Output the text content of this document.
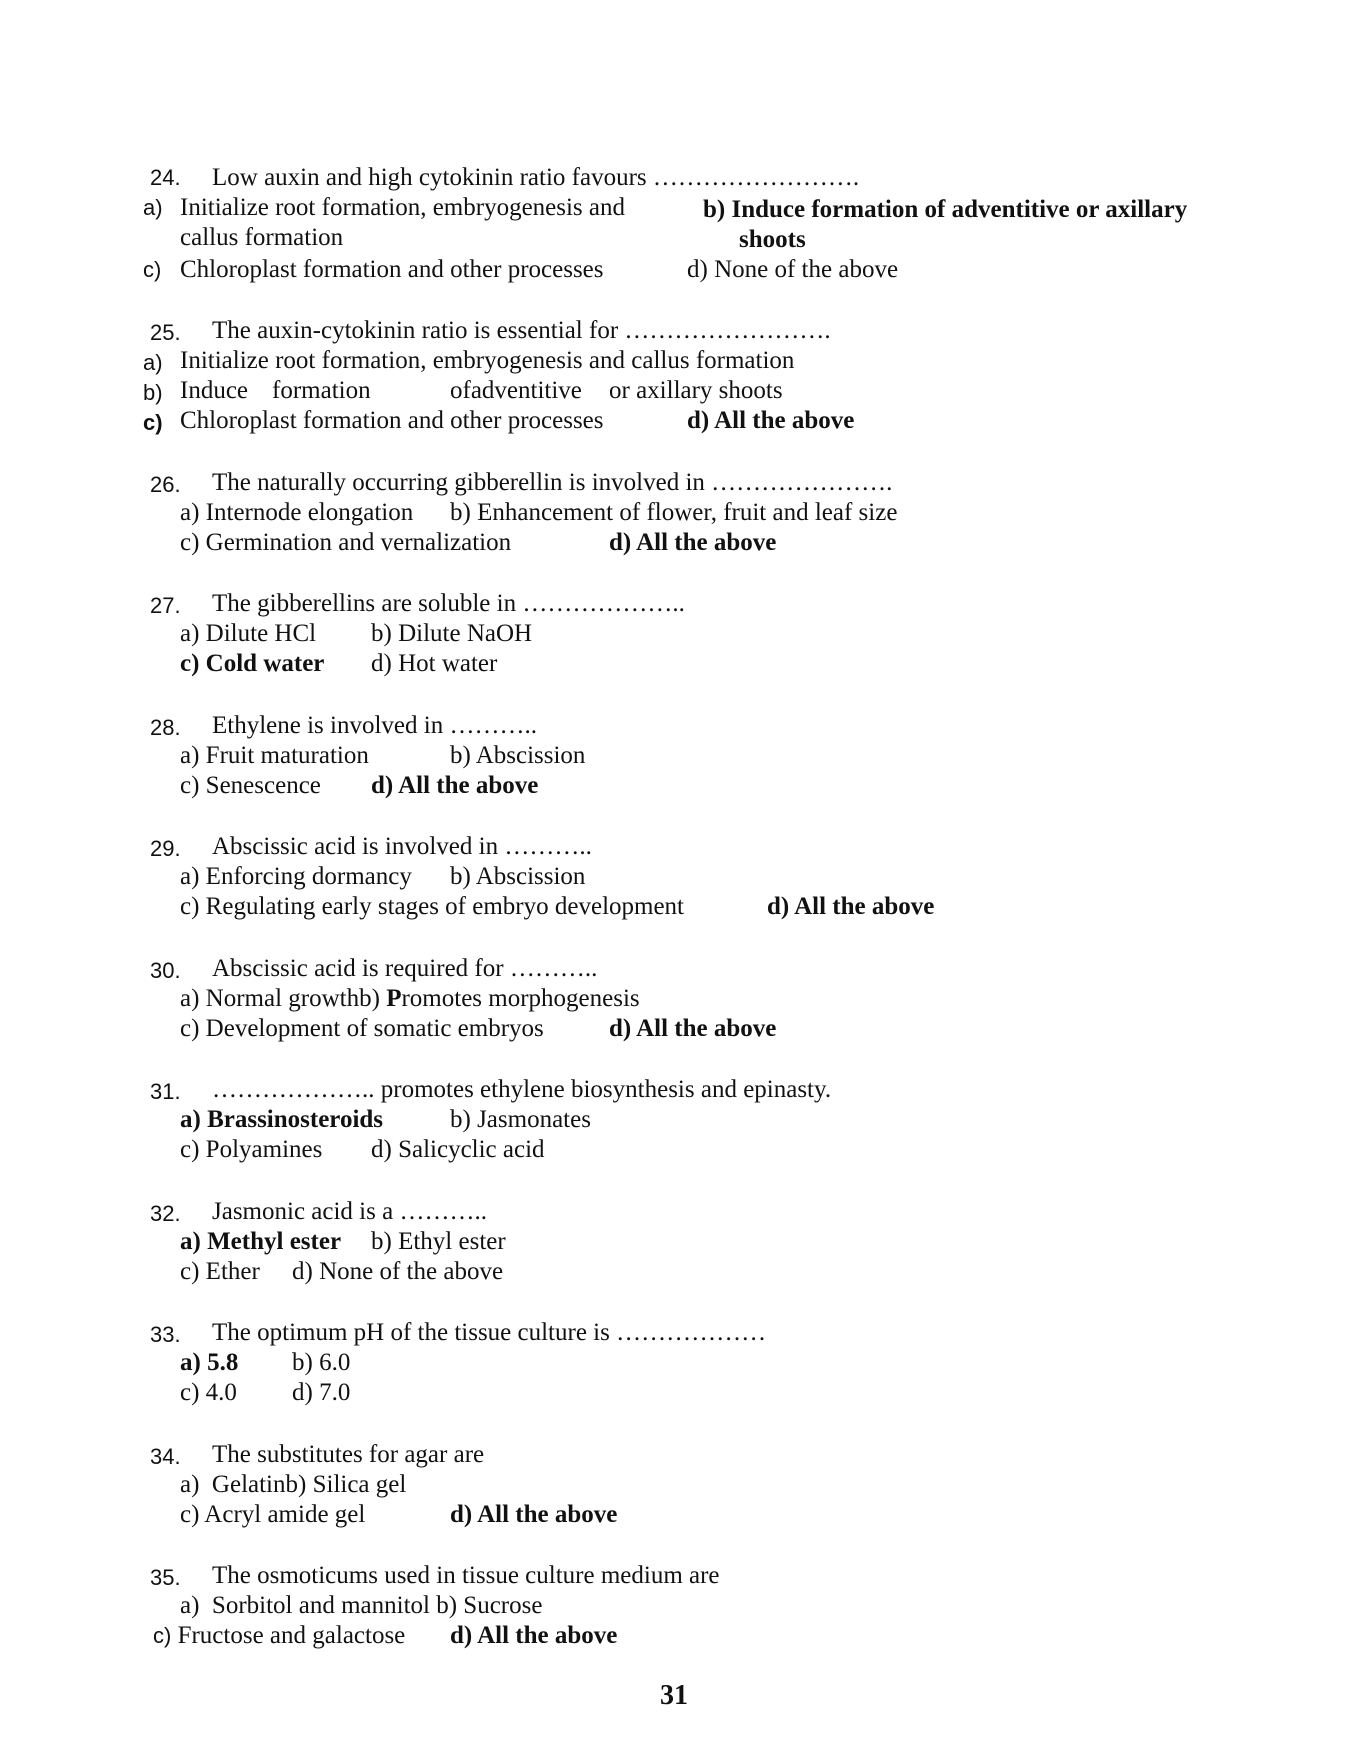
24. Low auxin and high cytokinin ratio favours …………………….
a) Initialize root formation, embryogenesis and
callus formation
b) Induce formation of adventitive or axillary
shoots
c) Chloroplast formation and other processes	d) None of the above
25. The auxin-cytokinin ratio is essential for …………………….
a) Initialize root formation, embryogenesis and callus formation
b) Induce formation	ofadventitive or axillary shoots
c) Chloroplast formation and other processes	d) All the above
26. The naturally occurring gibberellin is involved in ………………….
a) Internode elongation b) Enhancement of flower, fruit and leaf size
c) Germination and vernalization	d) All the above
27. The gibberellins are soluble in ………………..
a) Dilute HCl b) Dilute NaOH
c) Cold water d) Hot water
28. Ethylene is involved in ………..
a) Fruit maturation	b) Abscission
c) Senescence d) All the above
29. Abscissic acid is involved in ………..
a) Enforcing dormancy b) Abscission
c) Regulating early stages of embryo development	d) All the above
30. Abscissic acid is required for ………..
a) Normal growthb) Promotes morphogenesis
c) Development of somatic embryos	d) All the above
31. ……………….. promotes ethylene biosynthesis and epinasty.
a) Brassinosteroids	b) Jasmonates
c) Polyamines d) Salicyclic acid
32. Jasmonic acid is a ………..
a) Methyl ester b) Ethyl ester
c) Ether d) None of the above
33. The optimum pH of the tissue culture is ………………
a) 5.8 b) 6.0
c) 4.0 d) 7.0
34. The substitutes for agar are
a) Gelatinb) Silica gel
c) Acryl amide gel	d) All the above
35. The osmoticums used in tissue culture medium are
a) Sorbitol and mannitol b) Sucrose
c) Fructose and galactose d) All the above
31
